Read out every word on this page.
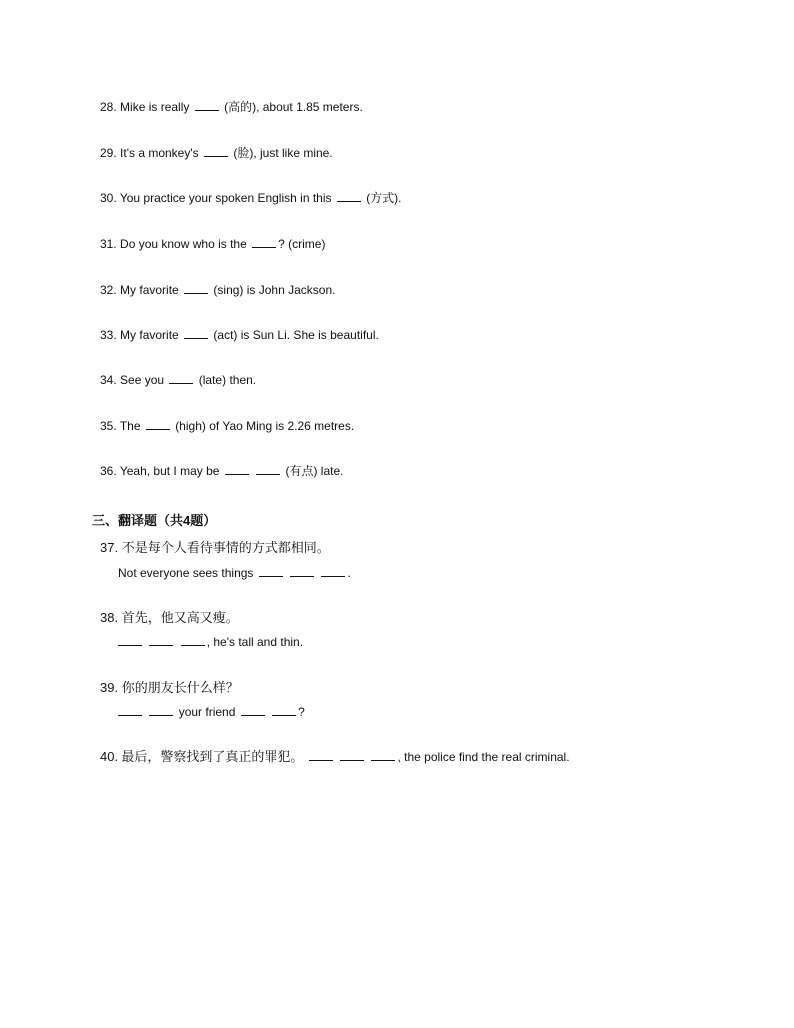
28. Mike is really	(高的), about 1.85 meters.
29. It's a monkey's	(脸), just like mine.
30. You practice your spoken English in this	(方式).
31. Do you know who is the	? (crime)
32. My favorite	(sing) is John Jackson.
33. My favorite	(act) is Sun Li. She is beautiful.
34. See you	(late) then.
35. The	(high) of Yao Ming is 2.26 metres.
36. Yeah, but I may be	(有点) late.
三、翻译题（共4题）
37. 不是每个人看待事情的方式都相同。
Not everyone sees things	.
38. 首先，他又高又瘦。
, he's tall and thin.
39. 你的朋友长什么样？
your friend	?
40. 最后，警察找到了真正的罪犯。	, the police find the real criminal.
